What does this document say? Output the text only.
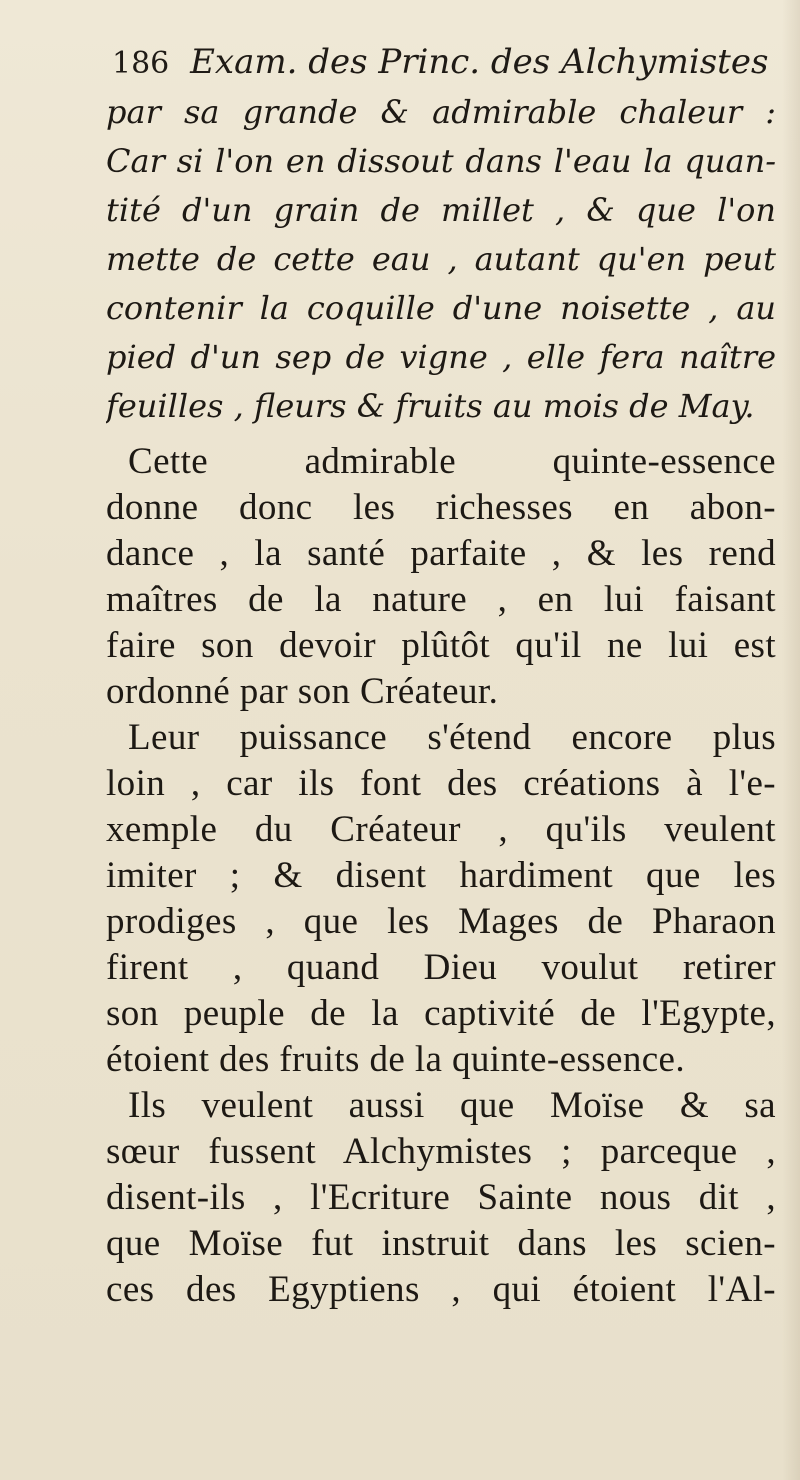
186 Exam. des Princ. des Alchymistes
par sa grande & admirable chaleur :
Car si l'on en dissout dans l'eau la quan-
tité d'un grain de millet , & que l'on
mette de cette eau , autant qu'en peut
contenir la coquille d'une noisette , au
pied d'un sep de vigne , elle fera naître
feuilles , fleurs & fruits au mois de May.
Cette admirable quinte-essence
donne donc les richesses en abon-
dance , la santé parfaite , & les rend
maîtres de la nature , en lui faisant
faire son devoir plûtôt qu'il ne lui est
ordonné par son Créateur.
Leur puissance s'étend encore plus
loin , car ils font des créations à l'e-
xemple du Créateur , qu'ils veulent
imiter ; & disent hardiment que les
prodiges , que les Mages de Pharaon
firent , quand Dieu voulut retirer
son peuple de la captivité de l'Egypte,
étoient des fruits de la quinte-essence.
Ils veulent aussi que Moïse & sa
sœur fussent Alchymistes ; parceque ,
disent-ils , l'Ecriture Sainte nous dit ,
que Moïse fut instruit dans les scien-
ces des Egyptiens , qui étoient l'Al-
